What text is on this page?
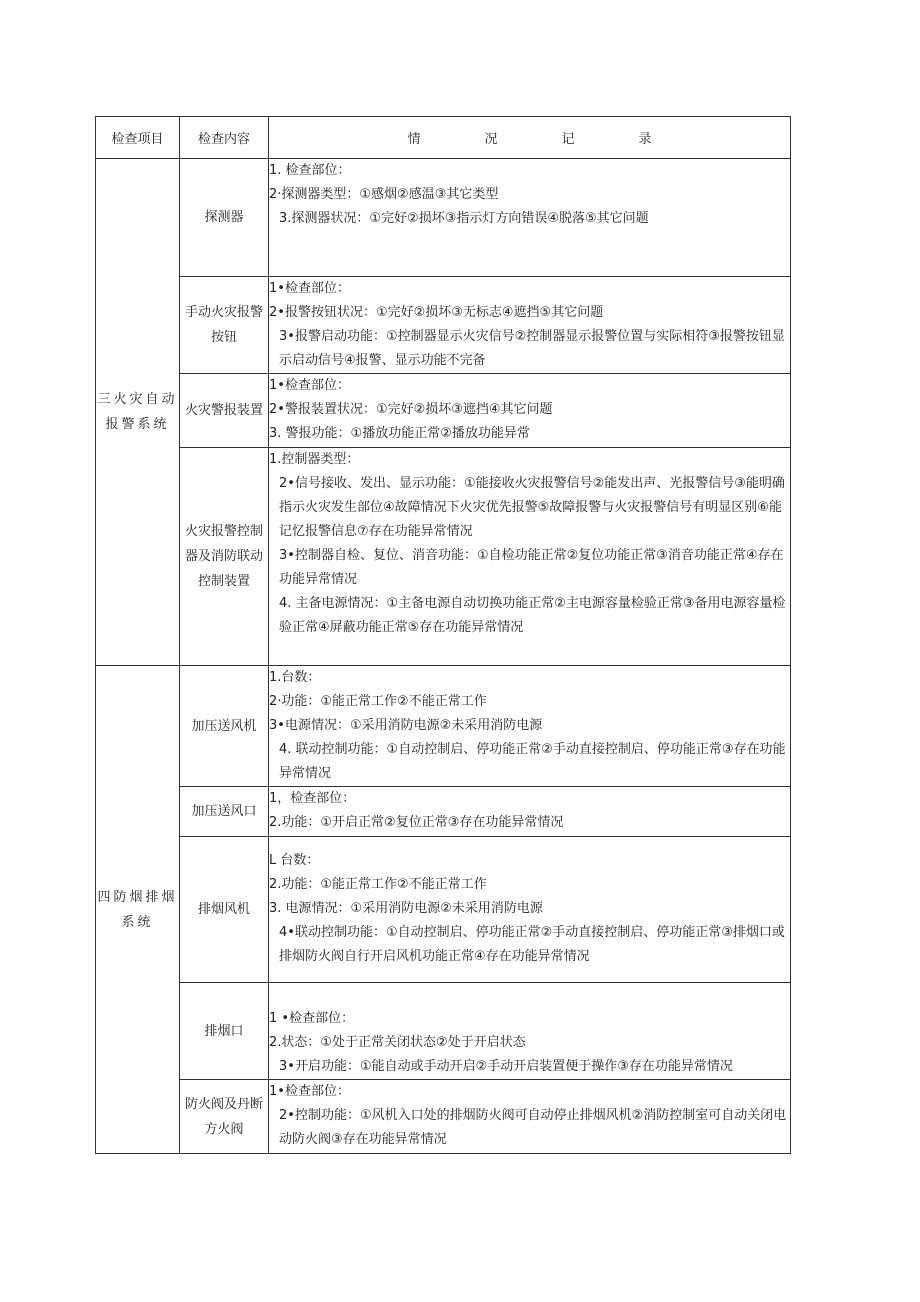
检查项目	检查内容	情 况 记 录
三火灾自动报警系统	探测器	1. 检查部位：
2·探测器类型：①感烟②感温③其它类型
3.探测器状况：①完好②损坏③指示灯方向错误④脱落⑤其它问题

	手动火灾报警按钮	1•检查部位：
2•报警按钮状况：①完好②损坏③无标志④遮挡⑤其它问题
3•报警启动功能：①控制器显示火灾信号②控制器显示报警位置与实际相符③报警按钮显示启动信号④报警、显示功能不完备

	火灾警报装置	1•检查部位：
2•警报装置状况：①完好②损坏③遮挡④其它问题
3. 警报功能：①播放功能正常②播放功能异常

	火灾报警控制器及消防联动控制装置	1.控制器类型：
2•信号接收、发出、显示功能：①能接收火灾报警信号②能发出声、光报警信号③能明确指示火灾发生部位④故障情况下火灾优先报警⑤故障报警与火灾报警信号有明显区别⑥能记忆报警信息⑦存在功能异常情况
3•控制器自检、复位、消音功能：①自检功能正常②复位功能正常③消音功能正常④存在功能异常情况
4. 主备电源情况：①主备电源自动切换功能正常②主电源容量检验正常③备用电源容量检验正常④屏蔽功能正常⑤存在功能异常情况

四防烟排烟系统	加压送风机	1.台数：
2·功能：①能正常工作②不能正常工作
3•电源情况：①采用消防电源②未采用消防电源
4. 联动控制功能：①自动控制启、停功能正常②手动直接控制启、停功能正常③存在功能异常情况

	加压送风口	1，检查部位：
2.功能：①开启正常②复位正常③存在功能异常情况

	排烟风机	L 台数：
2.功能：①能正常工作②不能正常工作
3. 电源情况：①采用消防电源②未采用消防电源
4•联动控制功能：①自动控制启、停功能正常②手动直接控制启、停功能正常③排烟口或排烟防火阀自行开启风机功能正常④存在功能异常情况

	排烟口	1 •检查部位：
2.状态：①处于正常关闭状态②处于开启状态
3•开启功能：①能自动或手动开启②手动开启装置便于操作③存在功能异常情况

	防火阀及丹断方火阀	1•检查部位：
2•控制功能：①风机入口处的排烟防火阀可自动停止排烟风机②消防控制室可自动关闭电动防火阀③存在功能异常情况
